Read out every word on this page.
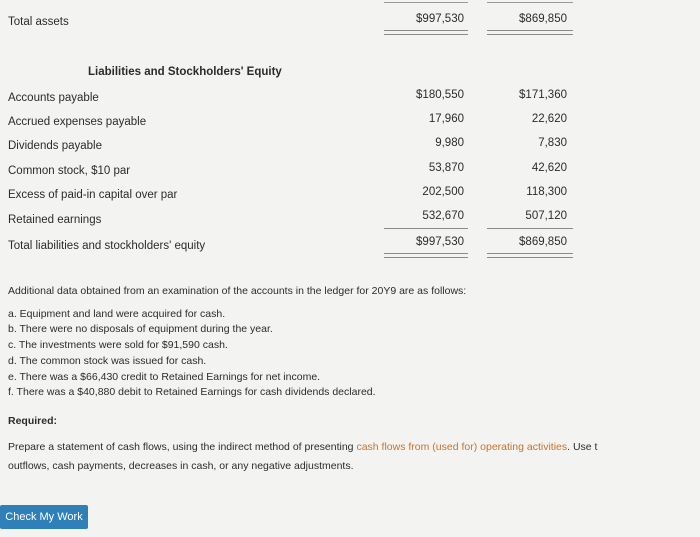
Total assets	$997,530	$869,850
Liabilities and Stockholders' Equity
Accounts payable	$180,550	$171,360
Accrued expenses payable	17,960	22,620
Dividends payable	9,980	7,830
Common stock, $10 par	53,870	42,620
Excess of paid-in capital over par	202,500	118,300
Retained earnings	532,670	507,120
Total liabilities and stockholders' equity	$997,530	$869,850
Additional data obtained from an examination of the accounts in the ledger for 20Y9 are as follows:
a. Equipment and land were acquired for cash.
b. There were no disposals of equipment during the year.
c. The investments were sold for $91,590 cash.
d. The common stock was issued for cash.
e. There was a $66,430 credit to Retained Earnings for net income.
f. There was a $40,880 debit to Retained Earnings for cash dividends declared.
Required:
Prepare a statement of cash flows, using the indirect method of presenting cash flows from (used for) operating activities. Use t
outflows, cash payments, decreases in cash, or any negative adjustments.
Check My Work
